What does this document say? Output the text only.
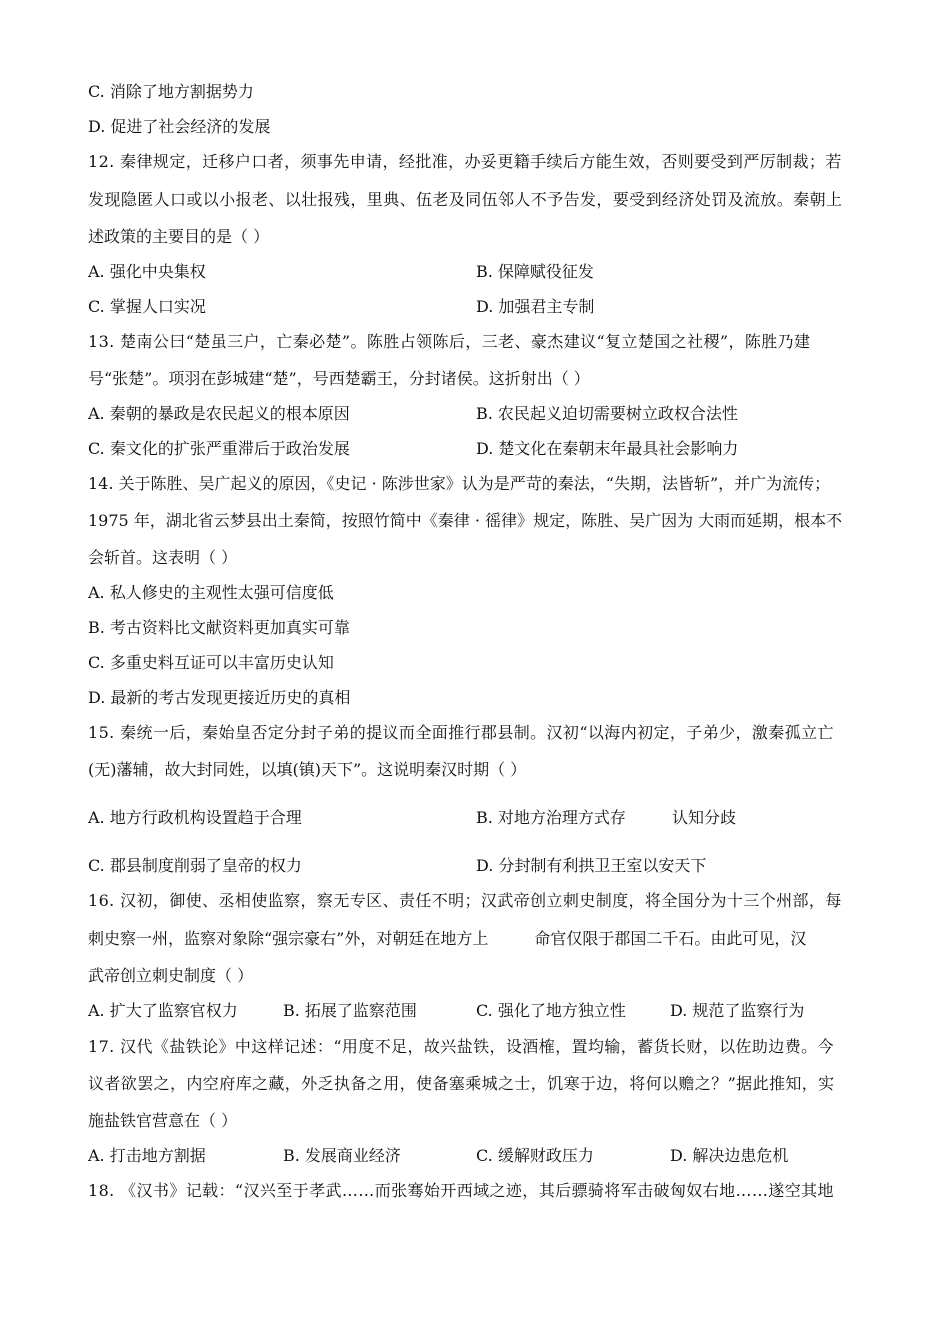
C. 消除了地方割据势力
D. 促进了社会经济的发展
12. 秦律规定，迁移户口者，须事先申请，经批准，办妥更籍手续后方能生效，否则要受到严厉制裁；若
发现隐匿人口或以小报老、以壮报残，里典、伍老及同伍邻人不予告发，要受到经济处罚及流放。秦朝上
述政策的主要目的是（ ）
A. 强化中央集权	B. 保障赋役征发
C. 掌握人口实况	D. 加强君主专制
13. 楚南公曰“楚虽三户，亡秦必楚”。陈胜占领陈后，三老、豪杰建议“复立楚国之社稷”，陈胜乃建
号“张楚”。项羽在彭城建“楚”，号西楚霸王，分封诸侯。这折射出（ ）
A. 秦朝的暴政是农民起义的根本原因	B. 农民起义迫切需要树立政权合法性
C. 秦文化的扩张严重滞后于政治发展	D. 楚文化在秦朝末年最具社会影响力
14. 关于陈胜、吴广起义的原因，《史记 · 陈涉世家》认为是严苛的秦法，“失期，法皆斩”，并广为流传；
1975 年，湖北省云梦县出土秦简，按照竹简中《秦律 · 徭律》规定，陈胜、吴广因为 大雨而延期，根本不
会斩首。这表明（ ）
A. 私人修史的主观性太强可信度低
B. 考古资料比文献资料更加真实可靠
C. 多重史料互证可以丰富历史认知
D. 最新的考古发现更接近历史的真相
15. 秦统一后，秦始皇否定分封子弟的提议而全面推行郡县制。汉初“以海内初定，子弟少，激秦孤立亡
(无)藩辅，故大封同姓，以填(镇)天下”。这说明秦汉时期（ ）
A. 地方行政机构设置趋于合理	B. 对地方治理方式存	认知分歧
C. 郡县制度削弱了皇帝的权力	D. 分封制有利拱卫王室以安天下
16. 汉初，御使、丞相使监察，察无专区、责任不明；汉武帝创立刺史制度，将全国分为十三个州部，每
刺史察一州，监察对象除“强宗豪右”外，对朝廷在地方上	命官仅限于郡国二千石。由此可见，汉
武帝创立刺史制度（ ）
A. 扩大了监察官权力	B. 拓展了监察范围	C. 强化了地方独立性	D. 规范了监察行为
17. 汉代《盐铁论》中这样记述：“用度不足，故兴盐铁，设酒榷，置均输，蓄货长财，以佐助边费。今
议者欲罢之，内空府库之藏，外乏执备之用，使备塞乘城之士，饥寒于边，将何以赡之？”据此推知，实
施盐铁官营意在（ ）
A. 打击地方割据	B. 发展商业经济	C. 缓解财政压力	D. 解决边患危机
18. 《汉书》记载：“汉兴至于孝武……而张骞始开西域之迹，其后骠骑将军击破匈奴右地……遂空其地
